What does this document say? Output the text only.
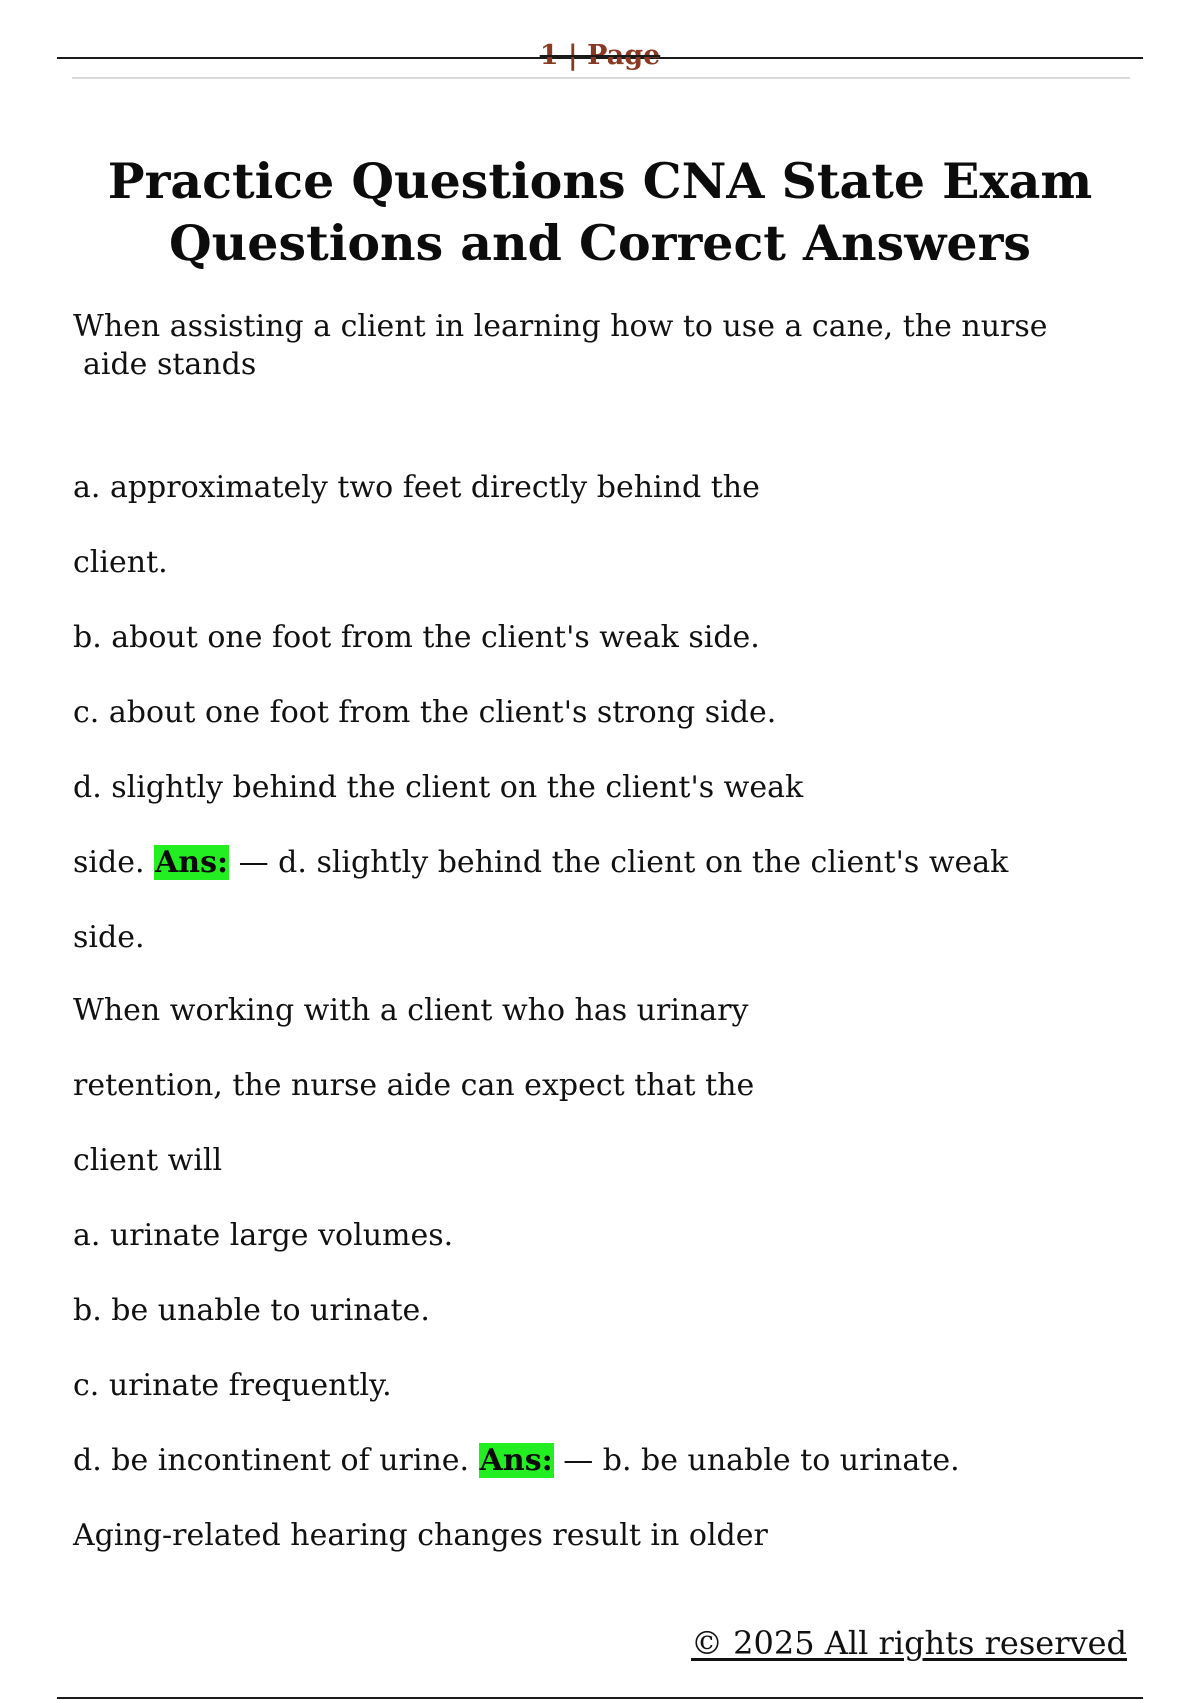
1 | Page
Practice Questions CNA State Exam Questions and Correct Answers

When assisting a client in learning how to use a cane, the nurse aide stands

a. approximately two feet directly behind the
client.
b. about one foot from the client's weak side.
c. about one foot from the client's strong side.
d. slightly behind the client on the client's weak
side. Ans: — d. slightly behind the client on the client's weak
side.
When working with a client who has urinary
retention, the nurse aide can expect that the
client will
a. urinate large volumes.
b. be unable to urinate.
c. urinate frequently.
d. be incontinent of urine. Ans: — b. be unable to urinate.
Aging-related hearing changes result in older
© 2025 All rights reserved
